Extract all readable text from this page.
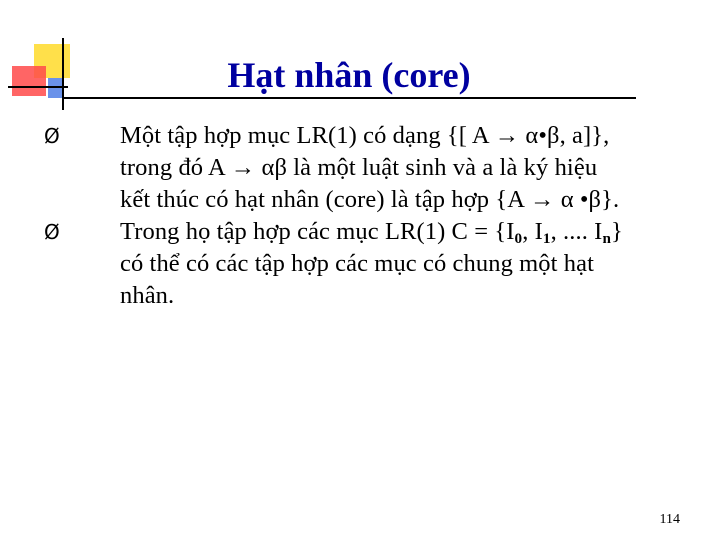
Hạt nhân (core)
Ø Một tập hợp mục LR(1) có dạng {[ A → α•β, a]},
trong đó A → αβ là một luật sinh và a là ký hiệu
kết thúc có hạt nhân (core) là tập hợp {A → α •β}.
Ø Trong họ tập hợp các mục LR(1) $C = \{I_0$, $I_1$, .... $I_n$}
có thể có các tập hợp các mục có chung một hạt
nhân.
114
